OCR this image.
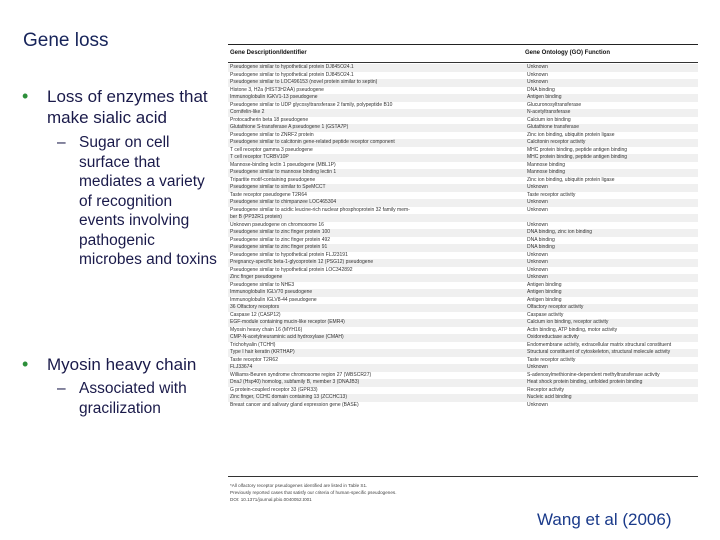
Gene loss
•	Loss of enzymes that make sialic acid
– Sugar on cell surface that mediates a variety of recognition events involving pathogenic microbes and toxins
•	Myosin heavy chain
– Associated with gracilization
Gene Description/Identifier	Gene Ontology (GO) Function
Pseudogene similar to hypothetical protein DJ845O24.1	Unknown
Pseudogene similar to hypothetical protein DJ845O24.1	Unknown
Pseudogene similar to LOC496153 (novel protein similar to septin)	Unknown
Histone 3, H2a (HIST3H2AA) pseudogene	DNA binding
Immunoglobulin IGKV1-13 pseudogene	Antigen binding
Pseudogene similar to UDP glycosyltransferase 2 family, polypeptide B10	Glucuronosyltransferase
Cornifelin-like 2	N-acetyltransferase
Protocadherin beta 18 pseudogene	Calcium ion binding
Glutathione S-transferase A pseudogene 1 (GSTA7P)	Glutathione transferase
Pseudogene similar to ZNRF2 protein	Zinc ion binding, ubiquitin protein ligase
Pseudogene similar to calcitonin gene-related peptide receptor component	Calcitonin receptor activity
T cell receptor gamma 3 pseudogene	MHC protein binding, peptide antigen binding
T cell receptor TCRBV10P	MHC protein binding, peptide antigen binding
Mannose-binding lectin 1 pseudogene (MBL1P)	Mannose binding
Pseudogene similar to mannose binding lectin 1	Mannose binding
Tripartite motif-containing pseudogene	Zinc ion binding, ubiquitin protein ligase
Pseudogene similar to similar to SpeMCCT	Unknown
Taste receptor pseudogene T2R64	Taste receptor activity
Pseudogene similar to chimpanzee LOC465304	Unknown
Pseudogene similar to acidic leucine-rich nuclear phosphoprotein 32 family mem-	Unknown
ber B (PP32R1 protein)
Unknown pseudogene on chromosome 16	Unknown
Pseudogene similar to zinc finger protein 100	DNA binding, zinc ion binding
Pseudogene similar to zinc finger protein 492	DNA binding
Pseudogene similar to zinc finger protein 91	DNA binding
Pseudogene similar to hypothetical protein FLJ23191	Unknown
Pregnancy-specific beta-1-glycoprotein 12 (PSG12) pseudogene	Unknown
Pseudogene similar to hypothetical protein LOC342892	Unknown
Zinc finger pseudogene	Unknown
Pseudogene similar to NHE3	Antigen binding
Immunoglobulin IGLV70 pseudogene	Antigen binding
Immunoglobulin IGLV8-44 pseudogene	Antigen binding
36 Olfactory receptors	Olfactory receptor activity
Caspase 12 (CASP12)	Caspase activity
EGF-module containing mucin-like receptor (EMR4)	Calcium ion binding, receptor activity
Myosin heavy chain 16 (MYH16)	Actin binding, ATP binding, motor activity
CMP-N-acetylneuraminic acid hydroxylase (CMAH)	Oxidoreductase activity
Trichohyalin (TCHH)	Endomembrane activity, extracellular matrix structural constituent
Type I hair keratin (KRTHAP)	Structural constituent of cytoskeleton, structural molecule activity
Taste receptor T2R62	Taste receptor activity
FLJ33674	Unknown
Williams-Beuren syndrome chromosome region 27 (WBSCR27)	S-adenosylmethionine-dependent methyltransferase activity
DnaJ (Hsp40) homolog, subfamily B, member 3 (DNAJB3)	Heat shock protein binding, unfolded protein binding
G protein-coupled receptor 33 (GPR33)	Receptor activity
Zinc finger, CCHC domain containing 13 (ZCCHC13)	Nucleic acid binding
Breast cancer and salivary gland expression gene (BASE)	Unknown
*All olfactory receptor pseudogenes identified are listed in Table S1.
Previously reported cases that satisfy our criteria of human-specific pseudogenes.
DOI: 10.1371/journal.pbio.0040052.t001
Wang et al (2006)
